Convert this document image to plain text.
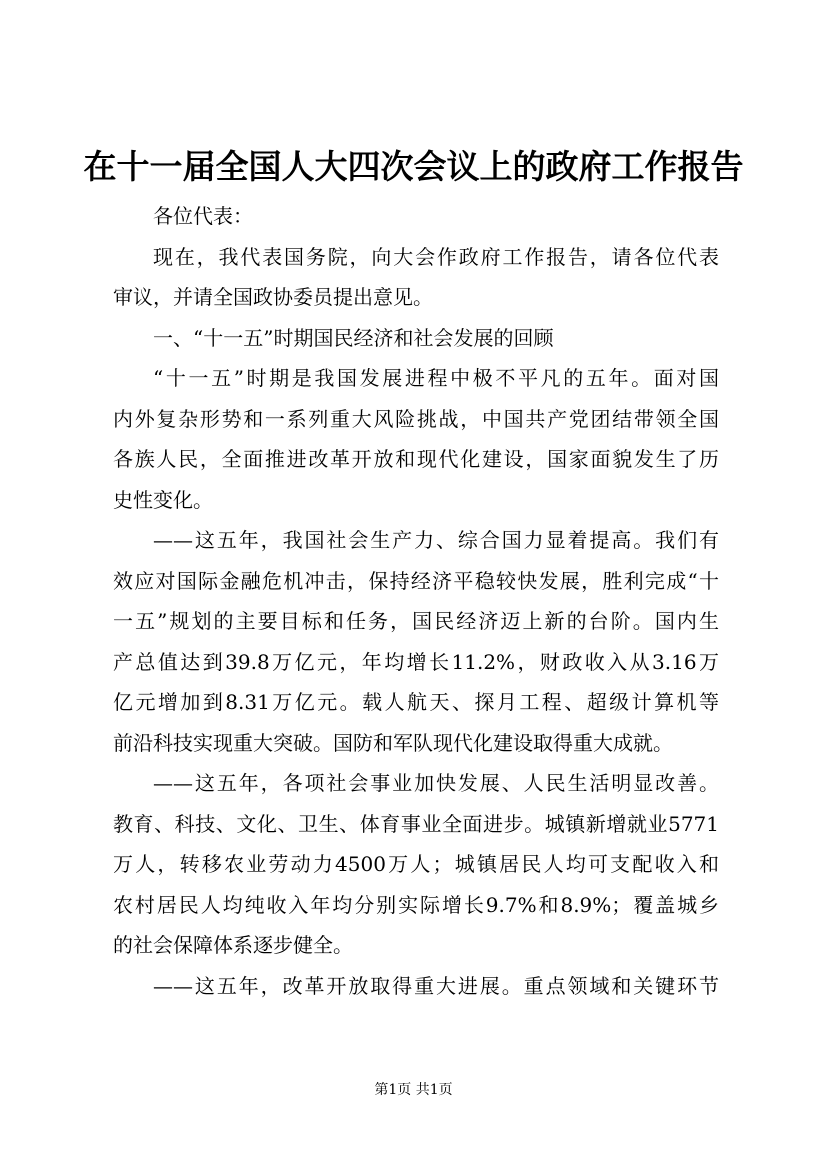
在十一届全国人大四次会议上的政府工作报告
各位代表：
现在，我代表国务院，向大会作政府工作报告，请各位代表
审议，并请全国政协委员提出意见。
一、“十一五”时期国民经济和社会发展的回顾
“十一五”时期是我国发展进程中极不平凡的五年。面对国
内外复杂形势和一系列重大风险挑战，中国共产党团结带领全国
各族人民，全面推进改革开放和现代化建设，国家面貌发生了历
史性变化。
——这五年，我国社会生产力、综合国力显着提高。我们有
效应对国际金融危机冲击，保持经济平稳较快发展，胜利完成“十
一五”规划的主要目标和任务，国民经济迈上新的台阶。国内生
产总值达到39.8万亿元，年均增长11.2%，财政收入从3.16万
亿元增加到8.31万亿元。载人航天、探月工程、超级计算机等
前沿科技实现重大突破。国防和军队现代化建设取得重大成就。
——这五年，各项社会事业加快发展、人民生活明显改善。
教育、科技、文化、卫生、体育事业全面进步。城镇新增就业5771
万人，转移农业劳动力4500万人；城镇居民人均可支配收入和
农村居民人均纯收入年均分别实际增长9.7%和8.9%；覆盖城乡
的社会保障体系逐步健全。
——这五年，改革开放取得重大进展。重点领域和关键环节
第1页 共1页
